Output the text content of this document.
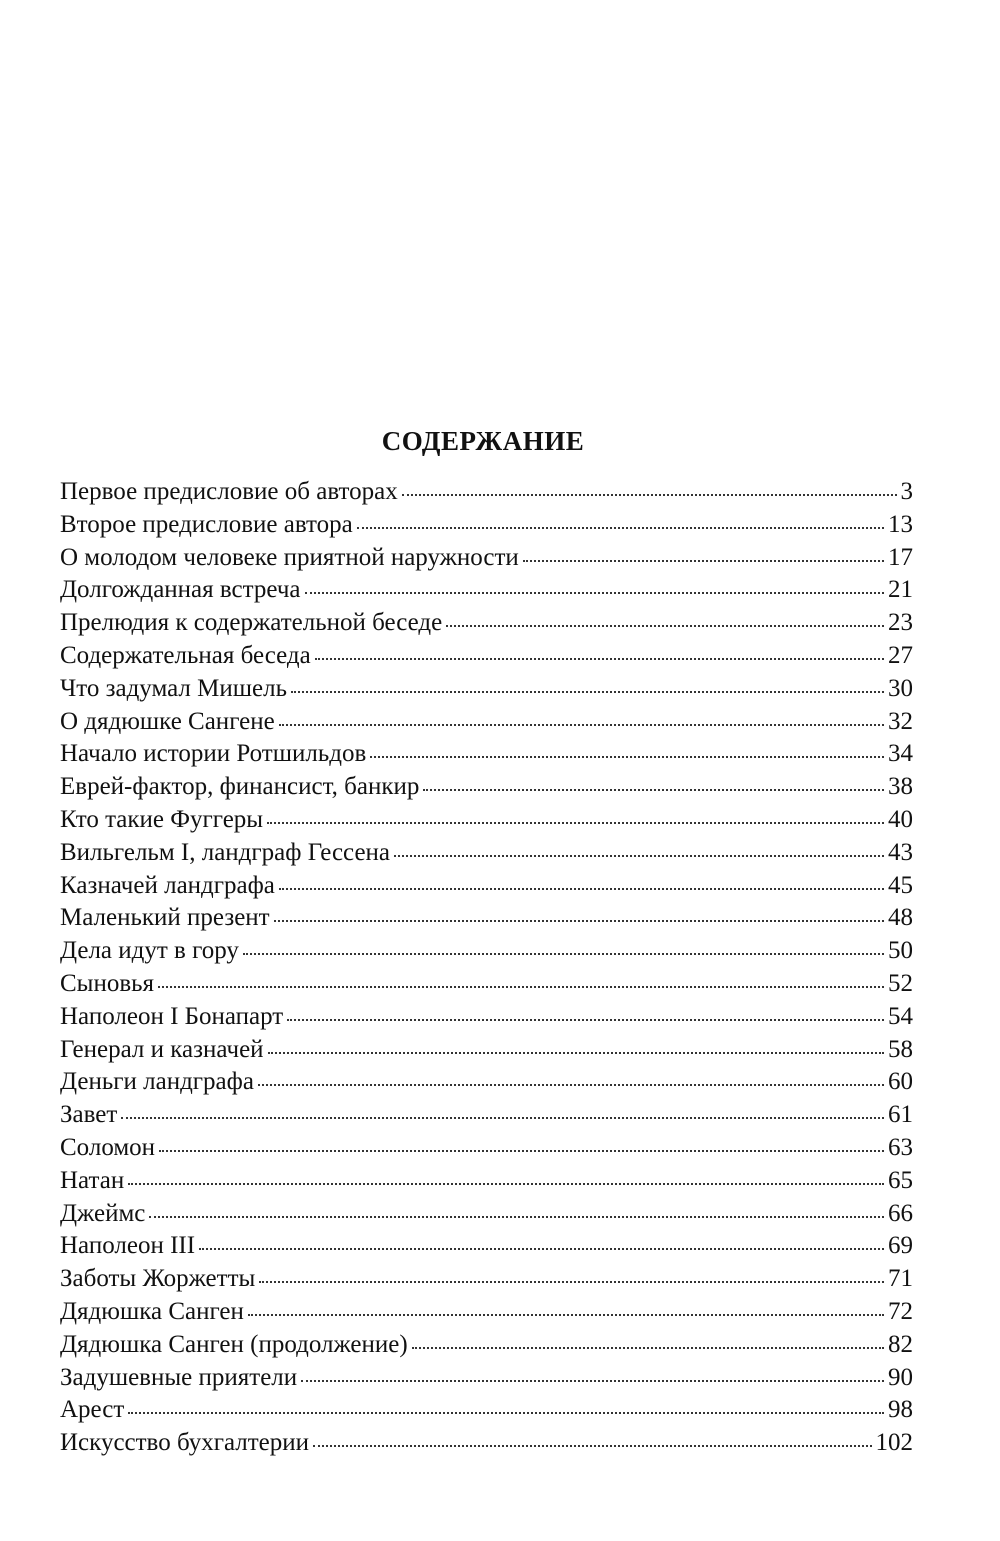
СОДЕРЖАНИЕ
Первое предисловие об авторах	3
Второе предисловие автора	13
О молодом человеке приятной наружности	17
Долгожданная встреча	21
Прелюдия к содержательной беседе	23
Содержательная беседа	27
Что задумал Мишель	30
О дядюшке Сангене	32
Начало истории Ротшильдов	34
Еврей-фактор, финансист, банкир	38
Кто такие Фуггеры	40
Вильгельм I, ландграф Гессена	43
Казначей ландграфа	45
Маленький презент	48
Дела идут в гору	50
Сыновья	52
Наполеон I Бонапарт	54
Генерал и казначей	58
Деньги ландграфа	60
Завет	61
Соломон	63
Натан	65
Джеймс	66
Наполеон III	69
Заботы Жоржетты	71
Дядюшка Санген	72
Дядюшка Санген (продолжение)	82
Задушевные приятели	90
Арест	98
Искусство бухгалтерии	102
